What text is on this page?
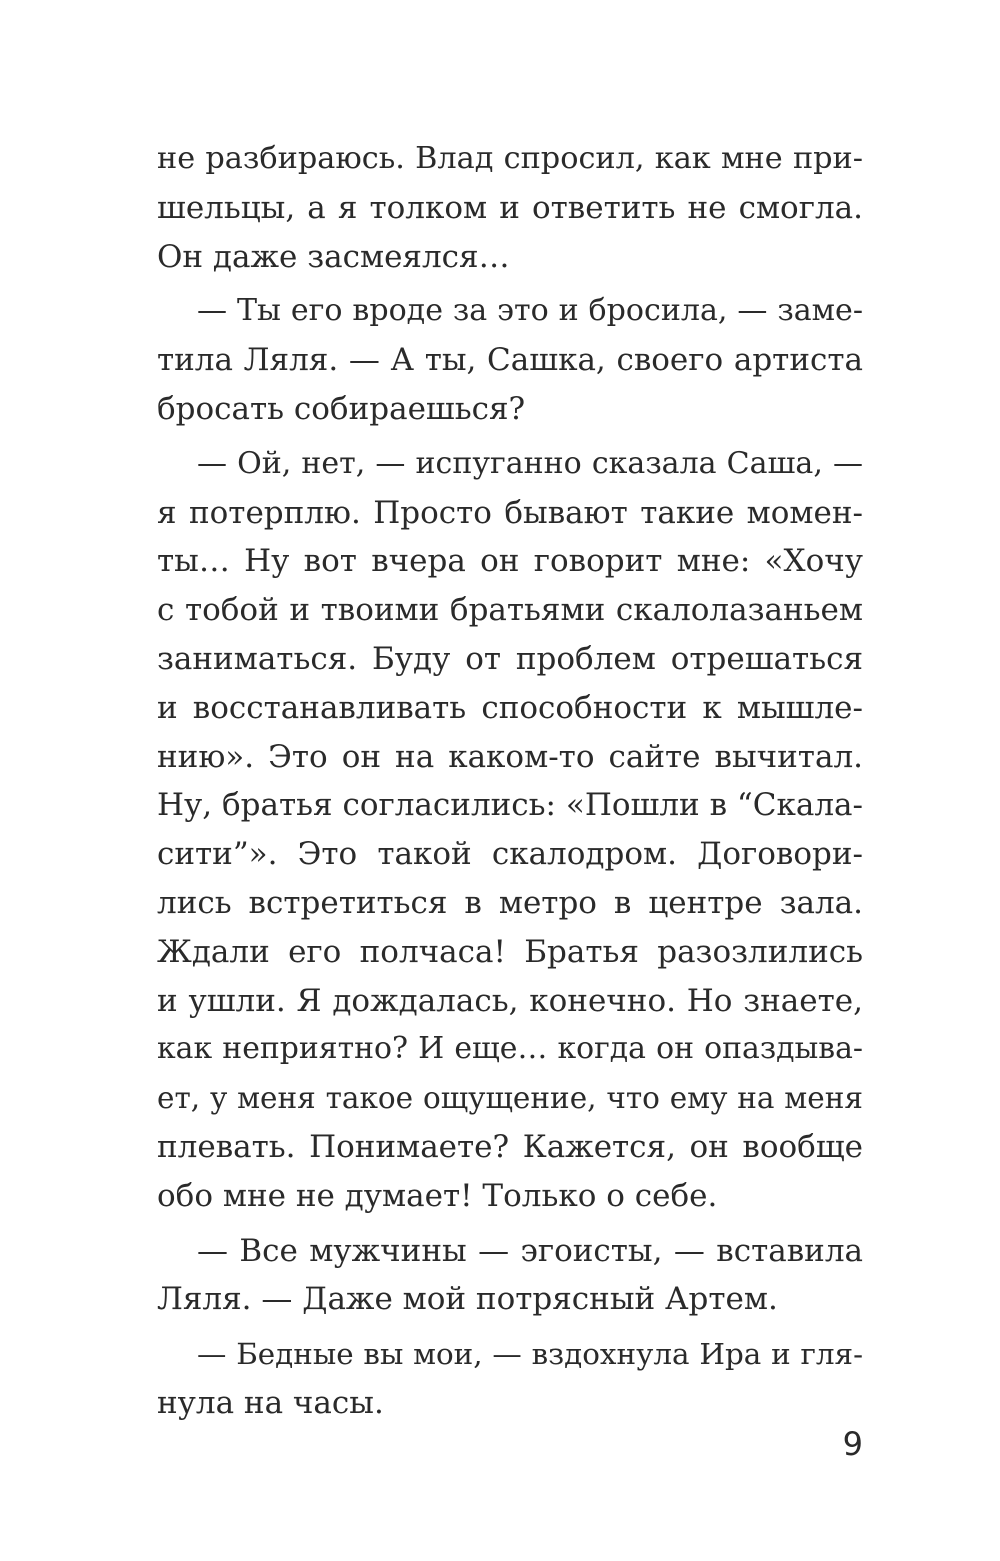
не разбираюсь. Влад спросил, как мне при-
шельцы, а я толком и ответить не смогла.
Он даже засмеялся…
— Ты его вроде за это и бросила, — заме-
тила Ляля. — А ты, Сашка, своего артиста
бросать собираешься?
— Ой, нет, — испуганно сказала Саша, —
я потерплю. Просто бывают такие момен-
ты… Ну вот вчера он говорит мне: «Хочу
с тобой и твоими братьями скалолазаньем
заниматься. Буду от проблем отрешаться
и восстанавливать способности к мышле-
нию». Это он на каком-то сайте вычитал.
Ну, братья согласились: «Пошли в “Скала-
сити”». Это такой скалодром. Договори-
лись встретиться в метро в центре зала.
Ждали его полчаса! Братья разозлились
и ушли. Я дождалась, конечно. Но знаете,
как неприятно? И еще… когда он опаздыва-
ет, у меня такое ощущение, что ему на меня
плевать. Понимаете? Кажется, он вообще
обо мне не думает! Только о себе.
— Все мужчины — эгоисты, — вставила
Ляля. — Даже мой потрясный Артем.
— Бедные вы мои, — вздохнула Ира и гля-
нула на часы.
9
